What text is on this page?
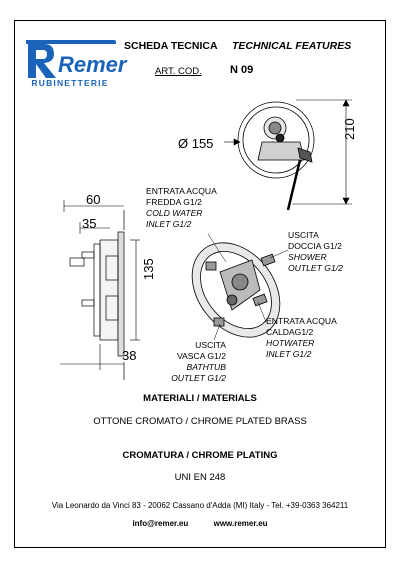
Remer
RUBINETTERIE
SCHEDA TECNICA TECHNICAL FEATURES
ART. COD.	N 09
Ø 155
210
60
35
135
38
ENTRATA ACQUA
FREDDA G1/2
COLD WATER
INLET G1/2
USCITA
DOCCIA G1/2
SHOWER
OUTLET G1/2
ENTRATA ACQUA
CALDAG1/2
HOTWATER
INLET G1/2
USCITA
VASCA G1/2
BATHTUB
OUTLET G1/2
MATERIALI / MATERIALS
OTTONE CROMATO / CHROME PLATED BRASS
CROMATURA / CHROME PLATING
UNI EN 248
Via Leonardo da Vinci 83 - 20062 Cassano d'Adda (MI) Italy - Tel. +39-0363 364211
info@remer.eu	www.remer.eu
